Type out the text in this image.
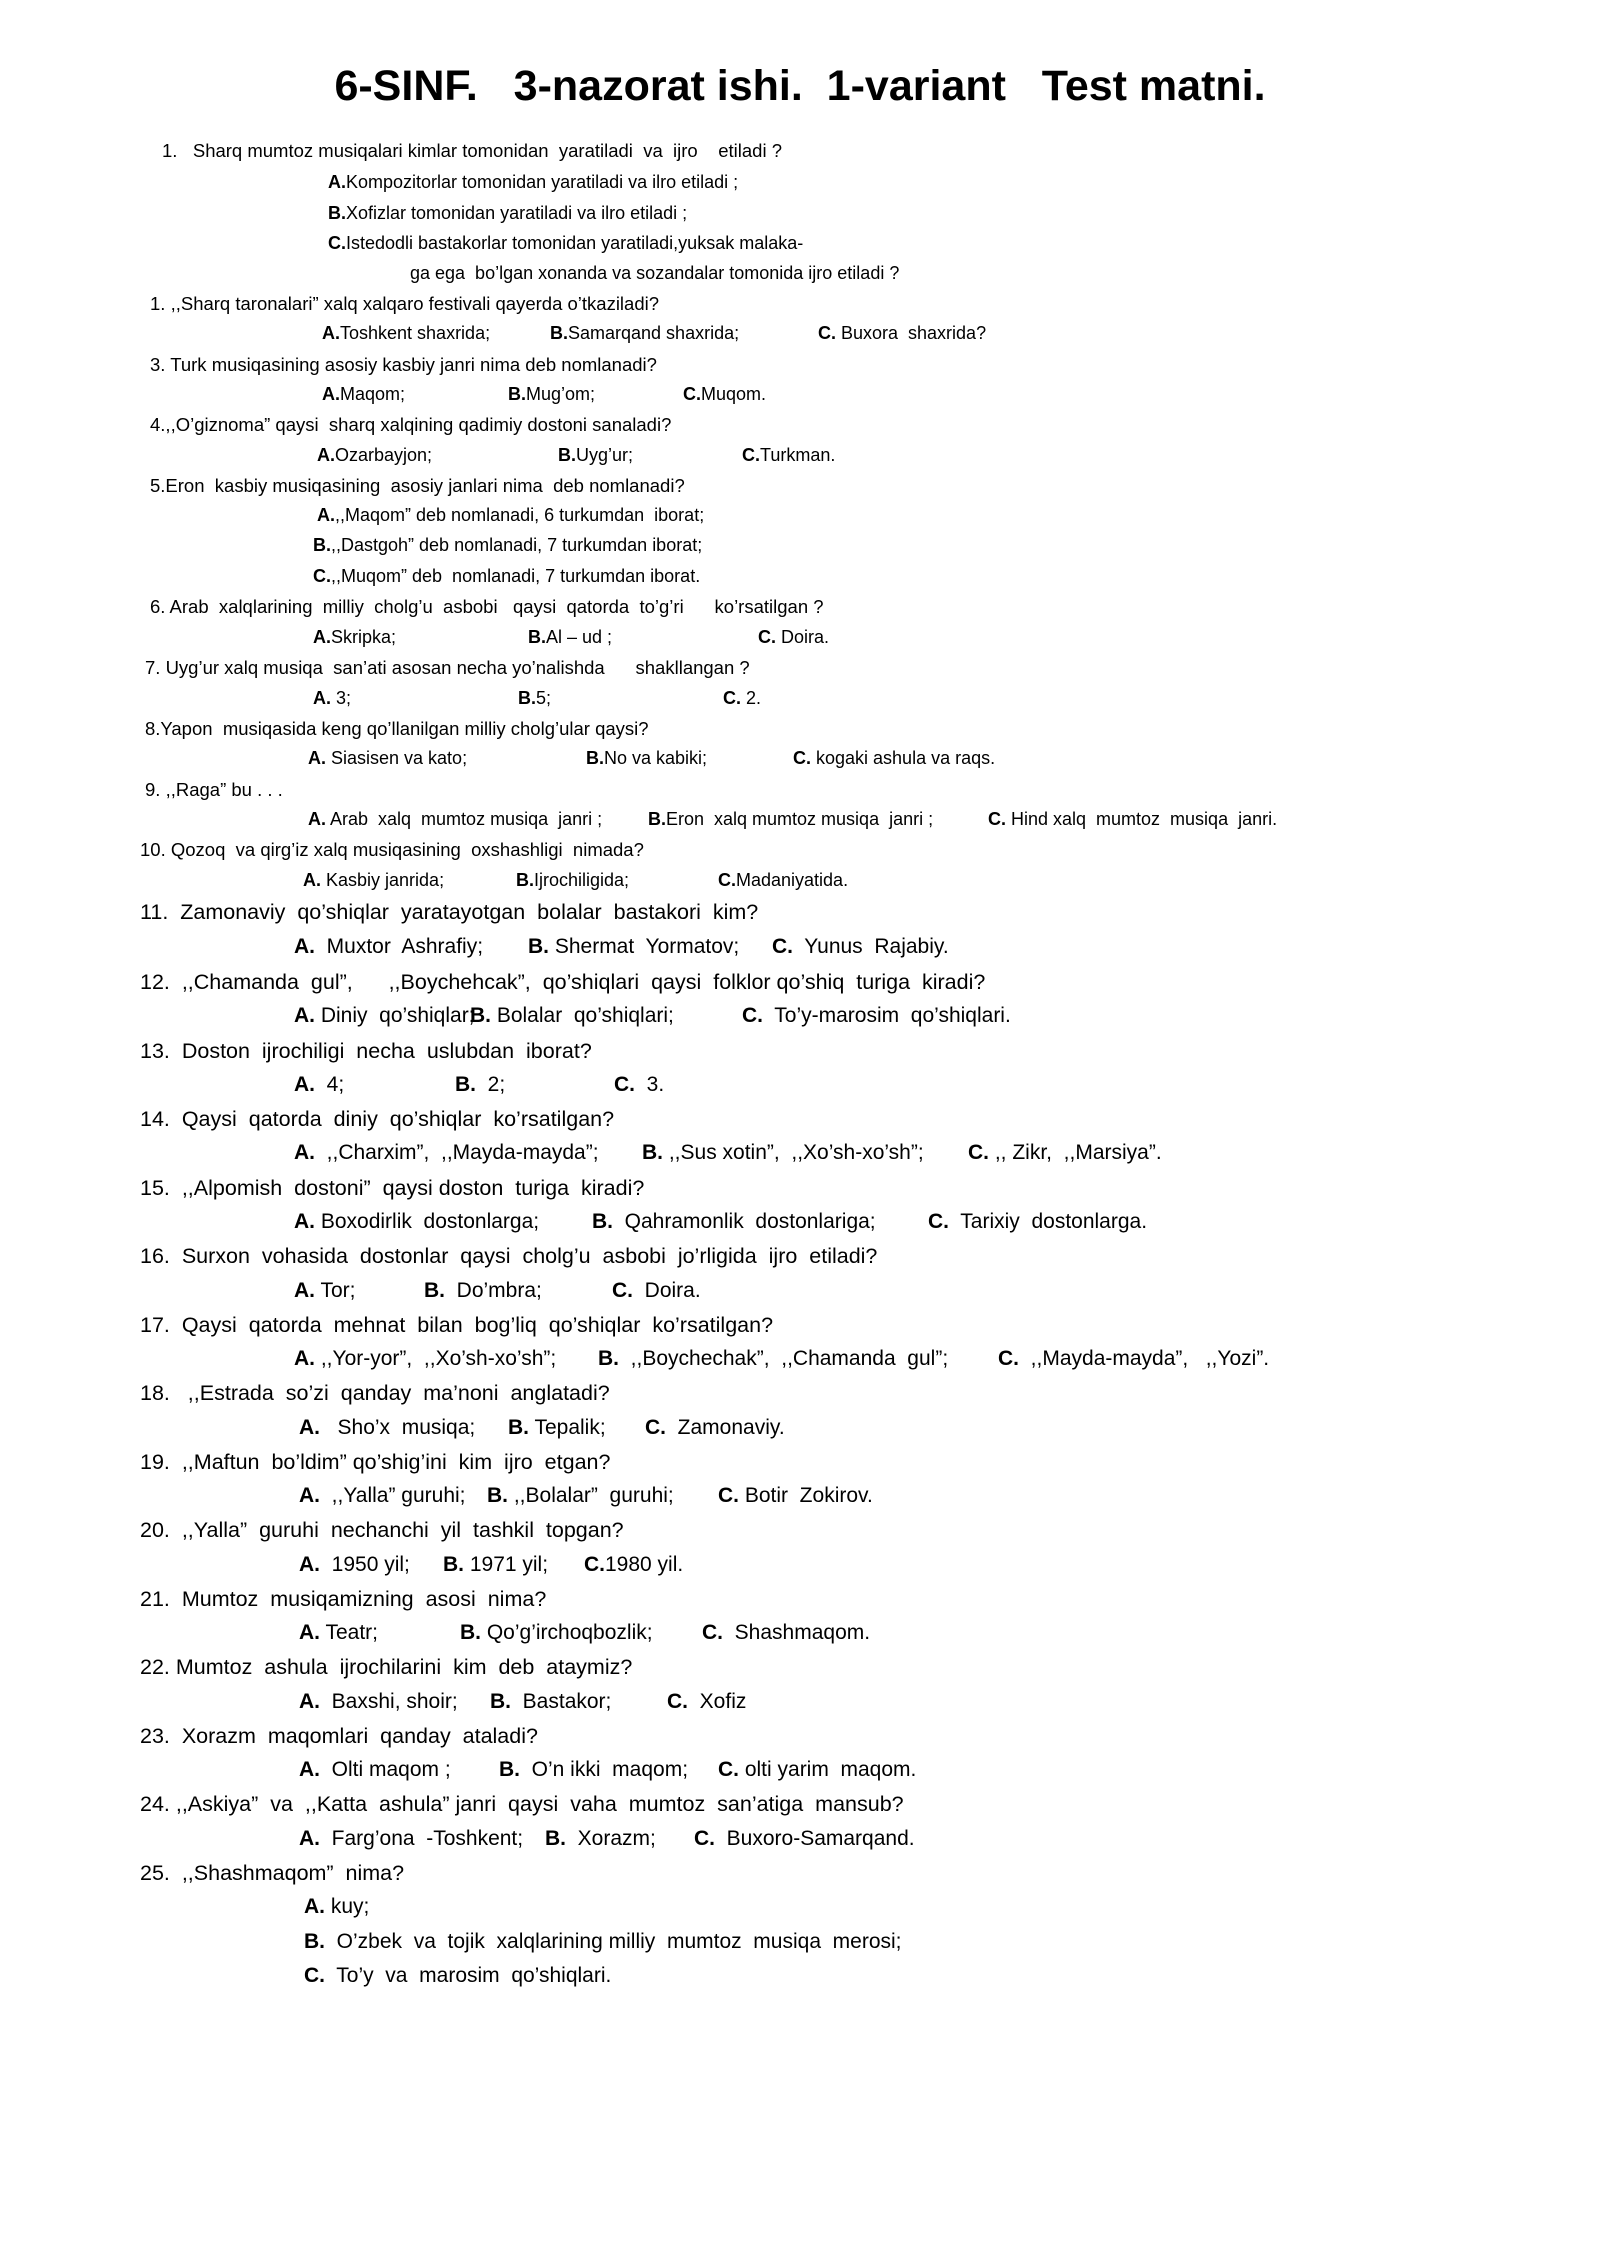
6-SINF.   3-nazorat ishi.  1-variant   Test matni.
1.   Sharq mumtoz musiqalari kimlar tomonidan  yaratiladi  va  ijro    etiladi ?
A.Kompozitorlar tomonidan yaratiladi va ilro etiladi ;
B.Xofizlar tomonidan yaratiladi va ilro etiladi ;
C.Istedodli bastakorlar tomonidan yaratiladi,yuksak malaka-
ga ega  bo’lgan xonanda va sozandalar tomonida ijro etiladi ?
1. ,,Sharq taronalari” xalq xalqaro festivali qayerda o’tkaziladi?
A.Toshkent shaxrida;	B.Samarqand shaxrida;	C. Buxora  shaxrida?
3. Turk musiqasining asosiy kasbiy janri nima deb nomlanadi?
A.Maqom;	B.Mug’om;	C.Muqom.
4.,,O’giznoma” qaysi  sharq xalqining qadimiy dostoni sanaladi?
A.Ozarbayjon;	B.Uyg’ur;	C.Turkman.
5.Eron  kasbiy musiqasining  asosiy janlari nima  deb nomlanadi?
A.,,Maqom” deb nomlanadi, 6 turkumdan  iborat;
B.,,Dastgoh” deb nomlanadi, 7 turkumdan iborat;
C.,,Muqom” deb  nomlanadi, 7 turkumdan iborat.
6. Arab  xalqlarining  milliy  cholg’u  asbobi   qaysi  qatorda  to’g’ri      ko’rsatilgan ?
A.Skripka;	B.Al – ud ;	C. Doira.
7. Uyg’ur xalq musiqa  san’ati asosan necha yo’nalishda      shakllangan ?
A. 3;	B.5;	C. 2.
8.Yapon  musiqasida keng qo’llanilgan milliy cholg’ular qaysi?
A. Siasisen va kato;	B.No va kabiki;	C. kogaki ashula va raqs.
9. ,,Raga” bu . . .
A. Arab  xalq  mumtoz musiqa  janri ;	B.Eron  xalq mumtoz musiqa  janri ;	C. Hind xalq  mumtoz  musiqa  janri.
10. Qozoq  va qirg’iz xalq musiqasining  oxshashligi  nimada?
A. Kasbiy janrida;	B.Ijrochiligida;	C.Madaniyatida.
11.  Zamonaviy  qo’shiqlar  yaratayotgan  bolalar  bastakori  kim?
A.  Muxtor  Ashrafiy; B. Shermat  Yormatov; C.  Yunus  Rajabiy.
12.  ,,Chamanda  gul”,      ,,Boychehcak”,  qo’shiqlari  qaysi  folklor qo’shiq  turiga  kiradi?
A. Diniy  qo’shiqlar;
B. Bolalar  qo’shiqlari;	C.  To’y-marosim  qo’shiqlari.
13.  Doston  ijrochiligi  necha  uslubdan  iborat?
A.  4;	B.  2;	C.  3.
14.  Qaysi  qatorda  diniy  qo’shiqlar  ko’rsatilgan?
A.  ,,Charxim”,  ,,Mayda-mayda”; B. ,,Sus xotin”,  ,,Xo’sh-xo’sh”; C. ,, Zikr,  ,,Marsiya”.
15.  ,,Alpomish  dostoni”  qaysi doston  turiga  kiradi?
A. Boxodirlik  dostonlarga;	B.  Qahramonlik  dostonlariga; C.  Tarixiy  dostonlarga.
16.  Surxon  vohasida  dostonlar  qaysi  cholg’u  asbobi  jo’rligida  ijro  etiladi?
A. Tor;	B.  Do’mbra;	C.  Doira.
17.  Qaysi  qatorda  mehnat  bilan  bog’liq  qo’shiqlar  ko’rsatilgan?
A. ,,Yor-yor”,  ,,Xo’sh-xo’sh”; B.  ,,Boychechak”,  ,,Chamanda  gul”; C.  ,,Mayda-mayda”,   ,,Yozi”.
18.   ,,Estrada  so’zi  qanday  ma’noni  anglatadi?
A.   Sho’x  musiqa; B. Tepalik; C.  Zamonaviy.
19.  ,,Maftun  bo’ldim” qo’shig’ini  kim  ijro  etgan?
A.  ,,Yalla” guruhi; B. ,,Bolalar”  guruhi; C. Botir  Zokirov.
20.  ,,Yalla”  guruhi  nechanchi  yil  tashkil  topgan?
A.  1950 yil; B. 1971 yil; C.1980 yil.
21.  Mumtoz  musiqamizning  asosi  nima?
A. Teatr;	B. Qo’g’irchoqbozlik; C.  Shashmaqom.
22. Mumtoz  ashula  ijrochilarini  kim  deb  ataymiz?
A.  Baxshi, shoir; B.  Bastakor;	C.  Xofiz
23.  Xorazm  maqomlari  qanday  ataladi?
A.  Olti maqom ; B.  O’n ikki  maqom; C. olti yarim  maqom.
24. ,,Askiya”  va  ,,Katta  ashula” janri  qaysi  vaha  mumtoz  san’atiga  mansub?
A.  Farg’ona  -Toshkent; B.  Xorazm; C.  Buxoro-Samarqand.
25.  ,,Shashmaqom”  nima?
A. kuy;
B.  O’zbek  va  tojik  xalqlarining milliy  mumtoz  musiqa  merosi;
C.  To’y  va  marosim  qo’shiqlari.
